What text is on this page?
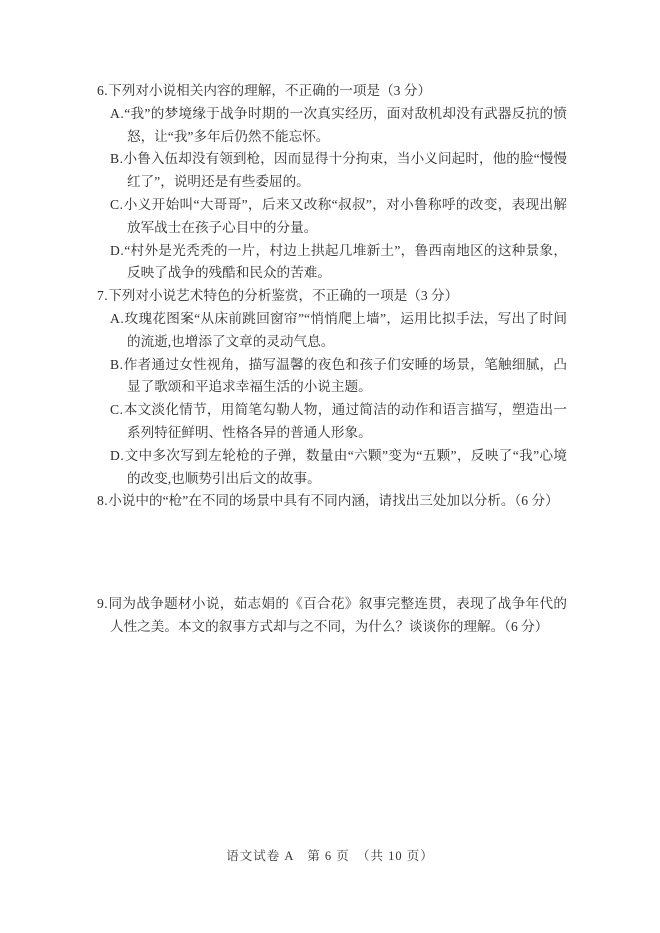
6.下列对小说相关内容的理解，不正确的一项是（3 分）
A.“我”的梦境缘于战争时期的一次真实经历，面对敌机却没有武器反抗的愤怒，让“我”多年后仍然不能忘怀。
B.小鲁入伍却没有领到枪，因而显得十分拘束，当小义问起时，他的脸“慢慢红了”，说明还是有些委屈的。
C.小义开始叫“大哥哥”，后来又改称“叔叔”，对小鲁称呼的改变，表现出解放军战士在孩子心目中的分量。
D.“村外是光秃秃的一片，村边上拱起几堆新土”，鲁西南地区的这种景象，反映了战争的残酷和民众的苦难。
7.下列对小说艺术特色的分析鉴赏，不正确的一项是（3 分）
A.玫瑰花图案“从床前跳回窗帘”“悄悄爬上墙”，运用比拟手法，写出了时间的流逝,也增添了文章的灵动气息。
B.作者通过女性视角，描写温馨的夜色和孩子们安睡的场景，笔触细腻，凸显了歌颂和平追求幸福生活的小说主题。
C.本文淡化情节，用简笔勾勒人物，通过简洁的动作和语言描写，塑造出一系列特征鲜明、性格各异的普通人形象。
D.文中多次写到左轮枪的子弹，数量由“六颗”变为“五颗”，反映了“我”心境的改变,也顺势引出后文的故事。
8.小说中的“枪”在不同的场景中具有不同内涵，请找出三处加以分析。（6 分）
9.同为战争题材小说，茹志娟的《百合花》叙事完整连贯，表现了战争年代的人性之美。本文的叙事方式却与之不同，为什么？谈谈你的理解。（6 分）
语文试卷 A　第 6 页　（共 10 页）
